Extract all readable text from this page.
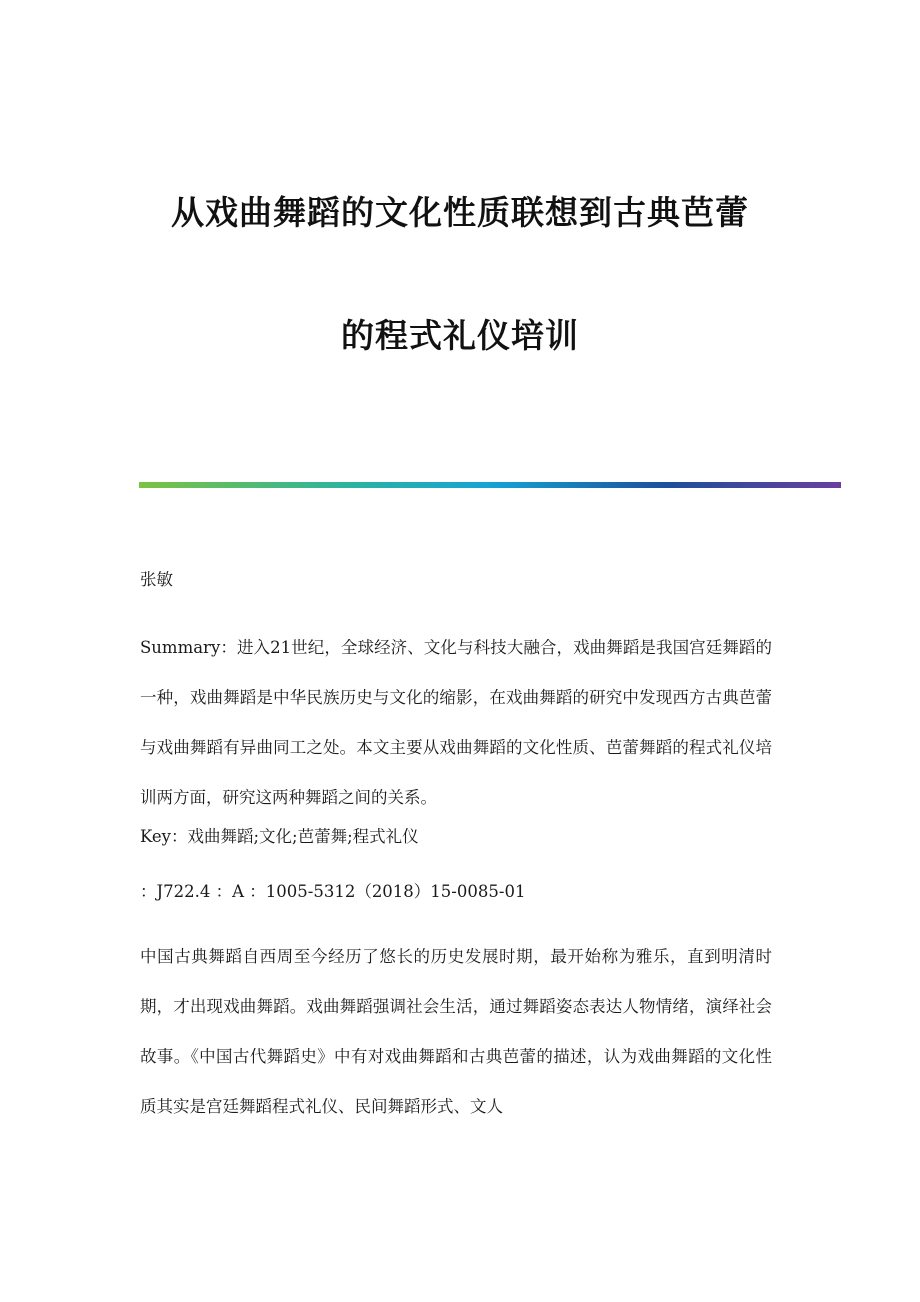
从戏曲舞蹈的文化性质联想到古典芭蕾
的程式礼仪培训

张敏

Summary：进入21世纪，全球经济、文化与科技大融合，戏曲舞蹈是我国宫廷舞蹈的一种，戏曲舞蹈是中华民族历史与文化的缩影，在戏曲舞蹈的研究中发现西方古典芭蕾与戏曲舞蹈有异曲同工之处。本文主要从戏曲舞蹈的文化性质、芭蕾舞蹈的程式礼仪培训两方面，研究这两种舞蹈之间的关系。

Key：戏曲舞蹈;文化;芭蕾舞;程式礼仪

：J722.4 ：A ：1005-5312（2018）15-0085-01

中国古典舞蹈自西周至今经历了悠长的历史发展时期，最开始称为雅乐，直到明清时期，才出现戏曲舞蹈。戏曲舞蹈强调社会生活，通过舞蹈姿态表达人物情绪，演绎社会故事。《中国古代舞蹈史》中有对戏曲舞蹈和古典芭蕾的描述，认为戏曲舞蹈的文化性质其实是宫廷舞蹈程式礼仪、民间舞蹈形式、文人
